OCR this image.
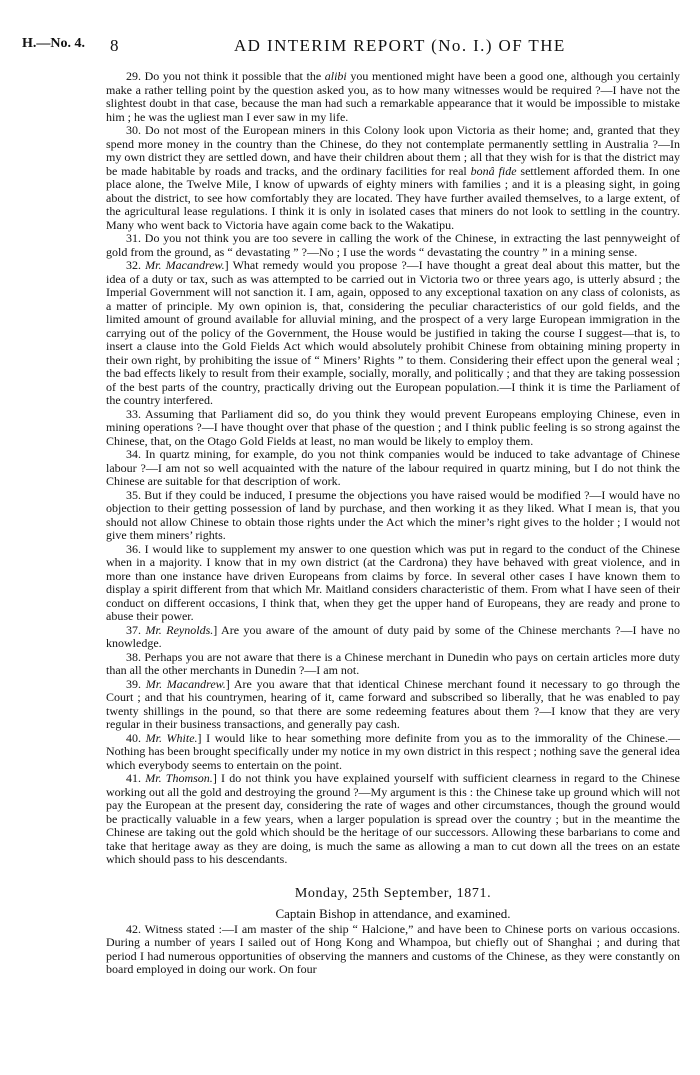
H.—No. 4. 8	AD INTERIM REPORT (No. I.) OF THE

29. Do you not think it possible that the alibi you mentioned might have been a good one, although you certainly make a rather telling point by the question asked you, as to how many witnesses would be required ?—I have not the slightest doubt in that case, because the man had such a remarkable appearance that it would be impossible to mistake him ; he was the ugliest man I ever saw in my life.

30. Do not most of the European miners in this Colony look upon Victoria as their home; and, granted that they spend more money in the country than the Chinese, do they not contemplate permanently settling in Australia ?—In my own district they are settled down, and have their children about them ; all that they wish for is that the district may be made habitable by roads and tracks, and the ordinary facilities for real bonâ fide settlement afforded them. In one place alone, the Twelve Mile, I know of upwards of eighty miners with families ; and it is a pleasing sight, in going about the district, to see how comfortably they are located. They have further availed themselves, to a large extent, of the agricultural lease regulations. I think it is only in isolated cases that miners do not look to settling in the country. Many who went back to Victoria have again come back to the Wakatipu.

31. Do you not think you are too severe in calling the work of the Chinese, in extracting the last pennyweight of gold from the ground, as “ devastating ” ?—No ; I use the words “ devastating the country ” in a mining sense.

32. Mr. Macandrew.] What remedy would you propose ?—I have thought a great deal about this matter, but the idea of a duty or tax, such as was attempted to be carried out in Victoria two or three years ago, is utterly absurd ; the Imperial Government will not sanction it. I am, again, opposed to any exceptional taxation on any class of colonists, as a matter of principle. My own opinion is, that, considering the peculiar characteristics of our gold fields, and the limited amount of ground available for alluvial mining, and the prospect of a very large European immigration in the carrying out of the policy of the Government, the House would be justified in taking the course I suggest—that is, to insert a clause into the Gold Fields Act which would absolutely prohibit Chinese from obtaining mining property in their own right, by prohibiting the issue of “ Miners’ Rights ” to them. Considering their effect upon the general weal ; the bad effects likely to result from their example, socially, morally, and politically ; and that they are taking possession of the best parts of the country, practically driving out the European population.—I think it is time the Parliament of the country interfered.

33. Assuming that Parliament did so, do you think they would prevent Europeans employing Chinese, even in mining operations ?—I have thought over that phase of the question ; and I think public feeling is so strong against the Chinese, that, on the Otago Gold Fields at least, no man would be likely to employ them.

34. In quartz mining, for example, do you not think companies would be induced to take advantage of Chinese labour ?—I am not so well acquainted with the nature of the labour required in quartz mining, but I do not think the Chinese are suitable for that description of work.

35. But if they could be induced, I presume the objections you have raised would be modified ?—I would have no objection to their getting possession of land by purchase, and then working it as they liked. What I mean is, that you should not allow Chinese to obtain those rights under the Act which the miner’s right gives to the holder ; I would not give them miners’ rights.

36. I would like to supplement my answer to one question which was put in regard to the conduct of the Chinese when in a majority. I know that in my own district (at the Cardrona) they have behaved with great violence, and in more than one instance have driven Europeans from claims by force. In several other cases I have known them to display a spirit different from that which Mr. Maitland considers characteristic of them. From what I have seen of their conduct on different occasions, I think that, when they get the upper hand of Europeans, they are ready and prone to abuse their power.

37. Mr. Reynolds.] Are you aware of the amount of duty paid by some of the Chinese merchants ?—I have no knowledge.

38. Perhaps you are not aware that there is a Chinese merchant in Dunedin who pays on certain articles more duty than all the other merchants in Dunedin ?—I am not.

39. Mr. Macandrew.] Are you aware that that identical Chinese merchant found it necessary to go through the Court ; and that his countrymen, hearing of it, came forward and subscribed so liberally, that he was enabled to pay twenty shillings in the pound, so that there are some redeeming features about them ?—I know that they are very regular in their business transactions, and generally pay cash.

40. Mr. White.] I would like to hear something more definite from you as to the immorality of the Chinese.—Nothing has been brought specifically under my notice in my own district in this respect ; nothing save the general idea which everybody seems to entertain on the point.

41. Mr. Thomson.] I do not think you have explained yourself with sufficient clearness in regard to the Chinese working out all the gold and destroying the ground ?—My argument is this : the Chinese take up ground which will not pay the European at the present day, considering the rate of wages and other circumstances, though the ground would be practically valuable in a few years, when a larger population is spread over the country ; but in the meantime the Chinese are taking out the gold which should be the heritage of our successors. Allowing these barbarians to come and take that heritage away as they are doing, is much the same as allowing a man to cut down all the trees on an estate which should pass to his descendants.

Monday, 25th September, 1871.
Captain Bishop in attendance, and examined.

42. Witness stated :—I am master of the ship “ Halcione,” and have been to Chinese ports on various occasions. During a number of years I sailed out of Hong Kong and Whampoa, but chiefly out of Shanghai ; and during that period I had numerous opportunities of observing the manners and customs of the Chinese, as they were constantly on board employed in doing our work. On four
